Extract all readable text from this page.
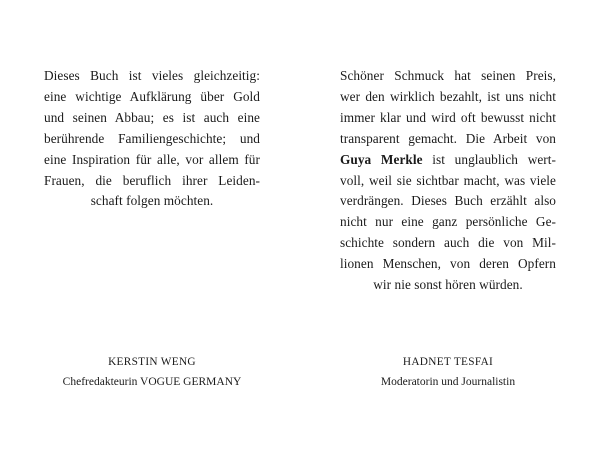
Dieses Buch ist vieles gleichzeitig:
eine wichtige Aufklärung über Gold
und seinen Abbau; es ist auch eine
berührende Familiengeschichte; und
eine Inspiration für alle, vor allem für
Frauen, die beruflich ihrer Leiden-
schaft folgen möchten.

KERSTIN WENG
Chefredakteurin VOGUE GERMANY

Schöner Schmuck hat seinen Preis,
wer den wirklich bezahlt, ist uns nicht
immer klar und wird oft bewusst nicht
transparent gemacht. Die Arbeit von
Guya Merkle ist unglaublich wert-
voll, weil sie sichtbar macht, was viele
verdrängen. Dieses Buch erzählt also
nicht nur eine ganz persönliche Ge-
schichte sondern auch die von Mil-
lionen Menschen, von deren Opfern
wir nie sonst hören würden.

HADNET TESFAI
Moderatorin und Journalistin
